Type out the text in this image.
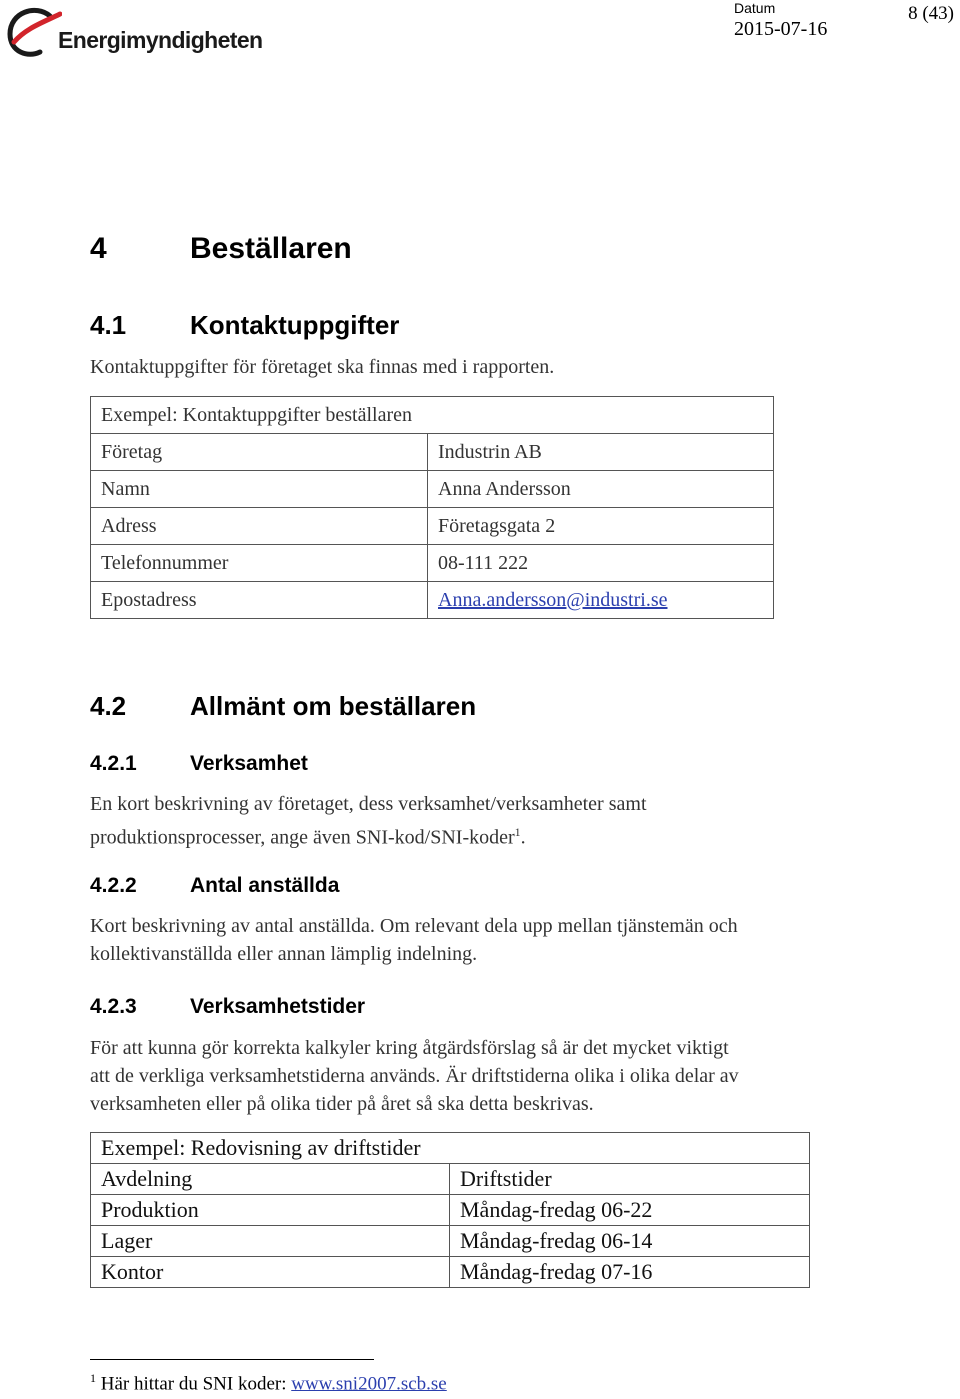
Energimyndigheten
Datum
2015-07-16
8 (43)
4	Beställaren
4.1 Kontaktuppgifter
Kontaktuppgifter för företaget ska finnas med i rapporten.
Exempel: Kontaktuppgifter beställaren	
Företag	Industrin AB
Namn	Anna Andersson
Adress	Företagsgata 2
Telefonnummer	08-111 222
Epostadress	Anna.andersson@industri.se
4.2 Allmänt om beställaren
4.2.1	Verksamhet
En kort beskrivning av företaget, dess verksamhet/verksamheter samt
produktionsprocesser, ange även SNI-kod/SNI-koder$^1$.
4.2.2	Antal anställda
Kort beskrivning av antal anställda. Om relevant dela upp mellan tjänstemän och
kollektivanställda eller annan lämplig indelning.
4.2.3	Verksamhetstider
För att kunna gör korrekta kalkyler kring åtgärdsförslag så är det mycket viktigt
att de verkliga verksamhetstiderna används. Är driftstiderna olika i olika delar av
verksamheten eller på olika tider på året så ska detta beskrivas.
Exempel: Redovisning av driftstider	
Avdelning	Driftstider
Produktion	Måndag-fredag 06-22
Lager	Måndag-fredag 06-14
Kontor	Måndag-fredag 07-16
$^1$ Här hittar du SNI koder: www.sni2007.scb.se
